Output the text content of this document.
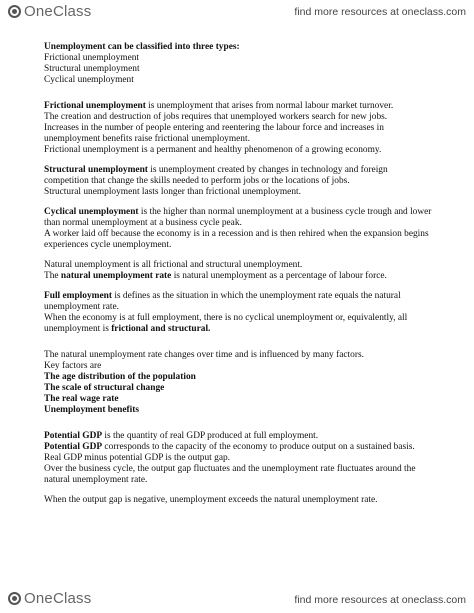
OneClass	find more resources at oneclass.com
Unemployment can be classified into three types:
Frictional unemployment
Structural unemployment
Cyclical unemployment
Frictional unemployment is unemployment that arises from normal labour market turnover.
The creation and destruction of jobs requires that unemployed workers search for new jobs.
Increases in the number of people entering and reentering the labour force and increases in
unemployment benefits raise frictional unemployment.
Frictional unemployment is a permanent and healthy phenomenon of a growing economy.
Structural unemployment is unemployment created by changes in technology and foreign
competition that change the skills needed to perform jobs or the locations of jobs.
Structural unemployment lasts longer than frictional unemployment.
Cyclical unemployment is the higher than normal unemployment at a business cycle trough and lower
than normal unemployment at a business cycle peak.
A worker laid off because the economy is in a recession and is then rehired when the expansion begins
experiences cycle unemployment.
Natural unemployment is all frictional and structural unemployment.
The natural unemployment rate is natural unemployment as a percentage of labour force.
Full employment is defines as the situation in which the unemployment rate equals the natural
unemployment rate.
When the economy is at full employment, there is no cyclical unemployment or, equivalently, all
unemployment is frictional and structural.
The natural unemployment rate changes over time and is influenced by many factors.
Key factors are
The age distribution of the population
The scale of structural change
The real wage rate
Unemployment benefits
Potential GDP is the quantity of real GDP produced at full employment.
Potential GDP corresponds to the capacity of the economy to produce output on a sustained basis.
Real GDP minus potential GDP is the output gap.
Over the business cycle, the output gap fluctuates and the unemployment rate fluctuates around the
natural unemployment rate.
When the output gap is negative, unemployment exceeds the natural unemployment rate.
OneClass	find more resources at oneclass.com
